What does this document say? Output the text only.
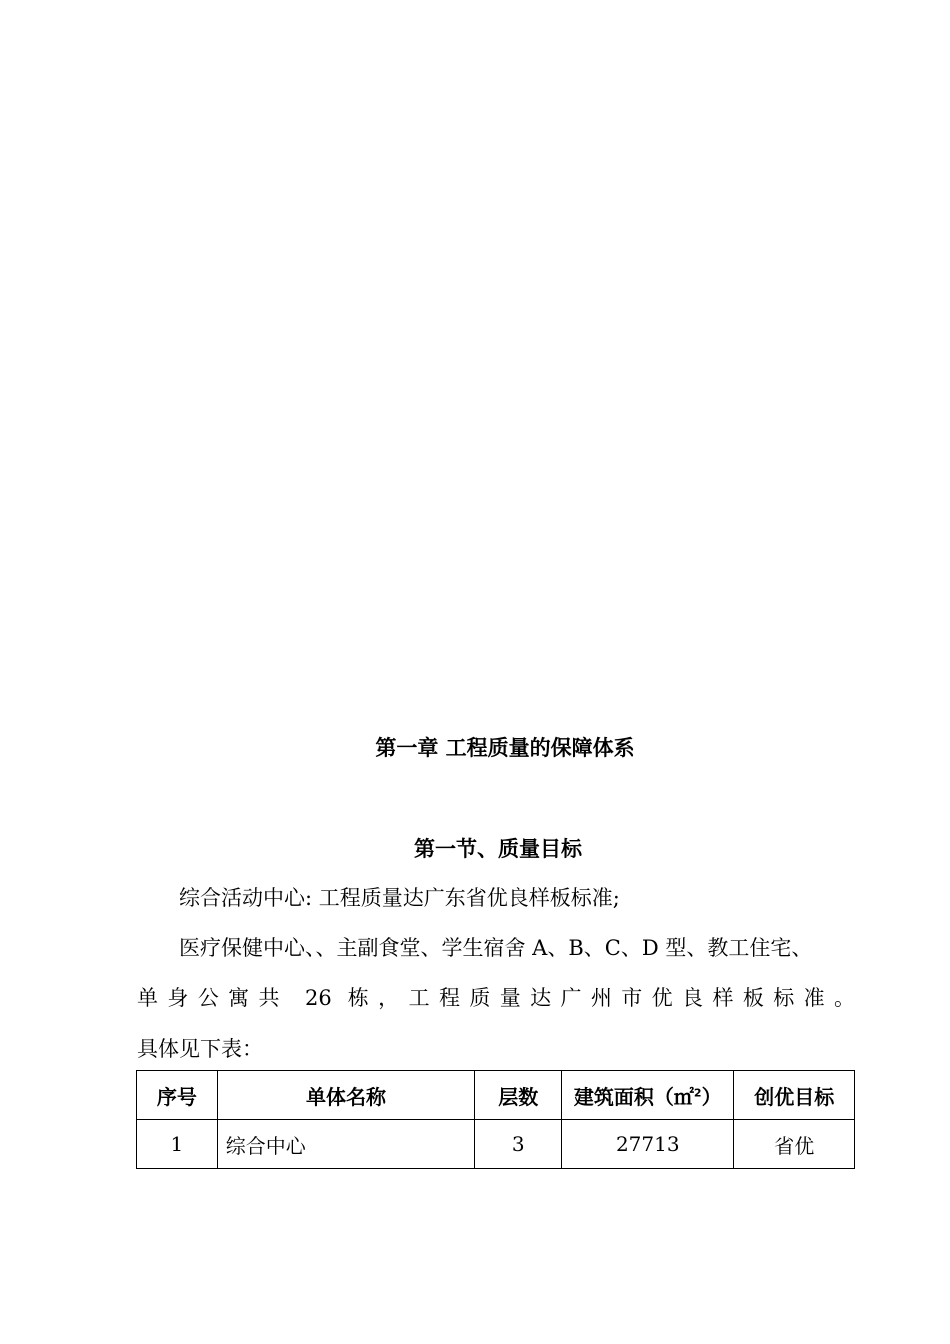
第一章 工程质量的保障体系
第一节、质量目标

综合活动中心: 工程质量达广东省优良样板标准;

医疗保健中心、、主副食堂、学生宿舍 A、B、C、D 型、教工住宅、

单身公寓共 26 栋，工程质量达广州市优良样板标准。

具体见下表：

序号	单体名称	层数	建筑面积（㎡$^2$）	创优目标
1	综合中心	3	27713	省优
